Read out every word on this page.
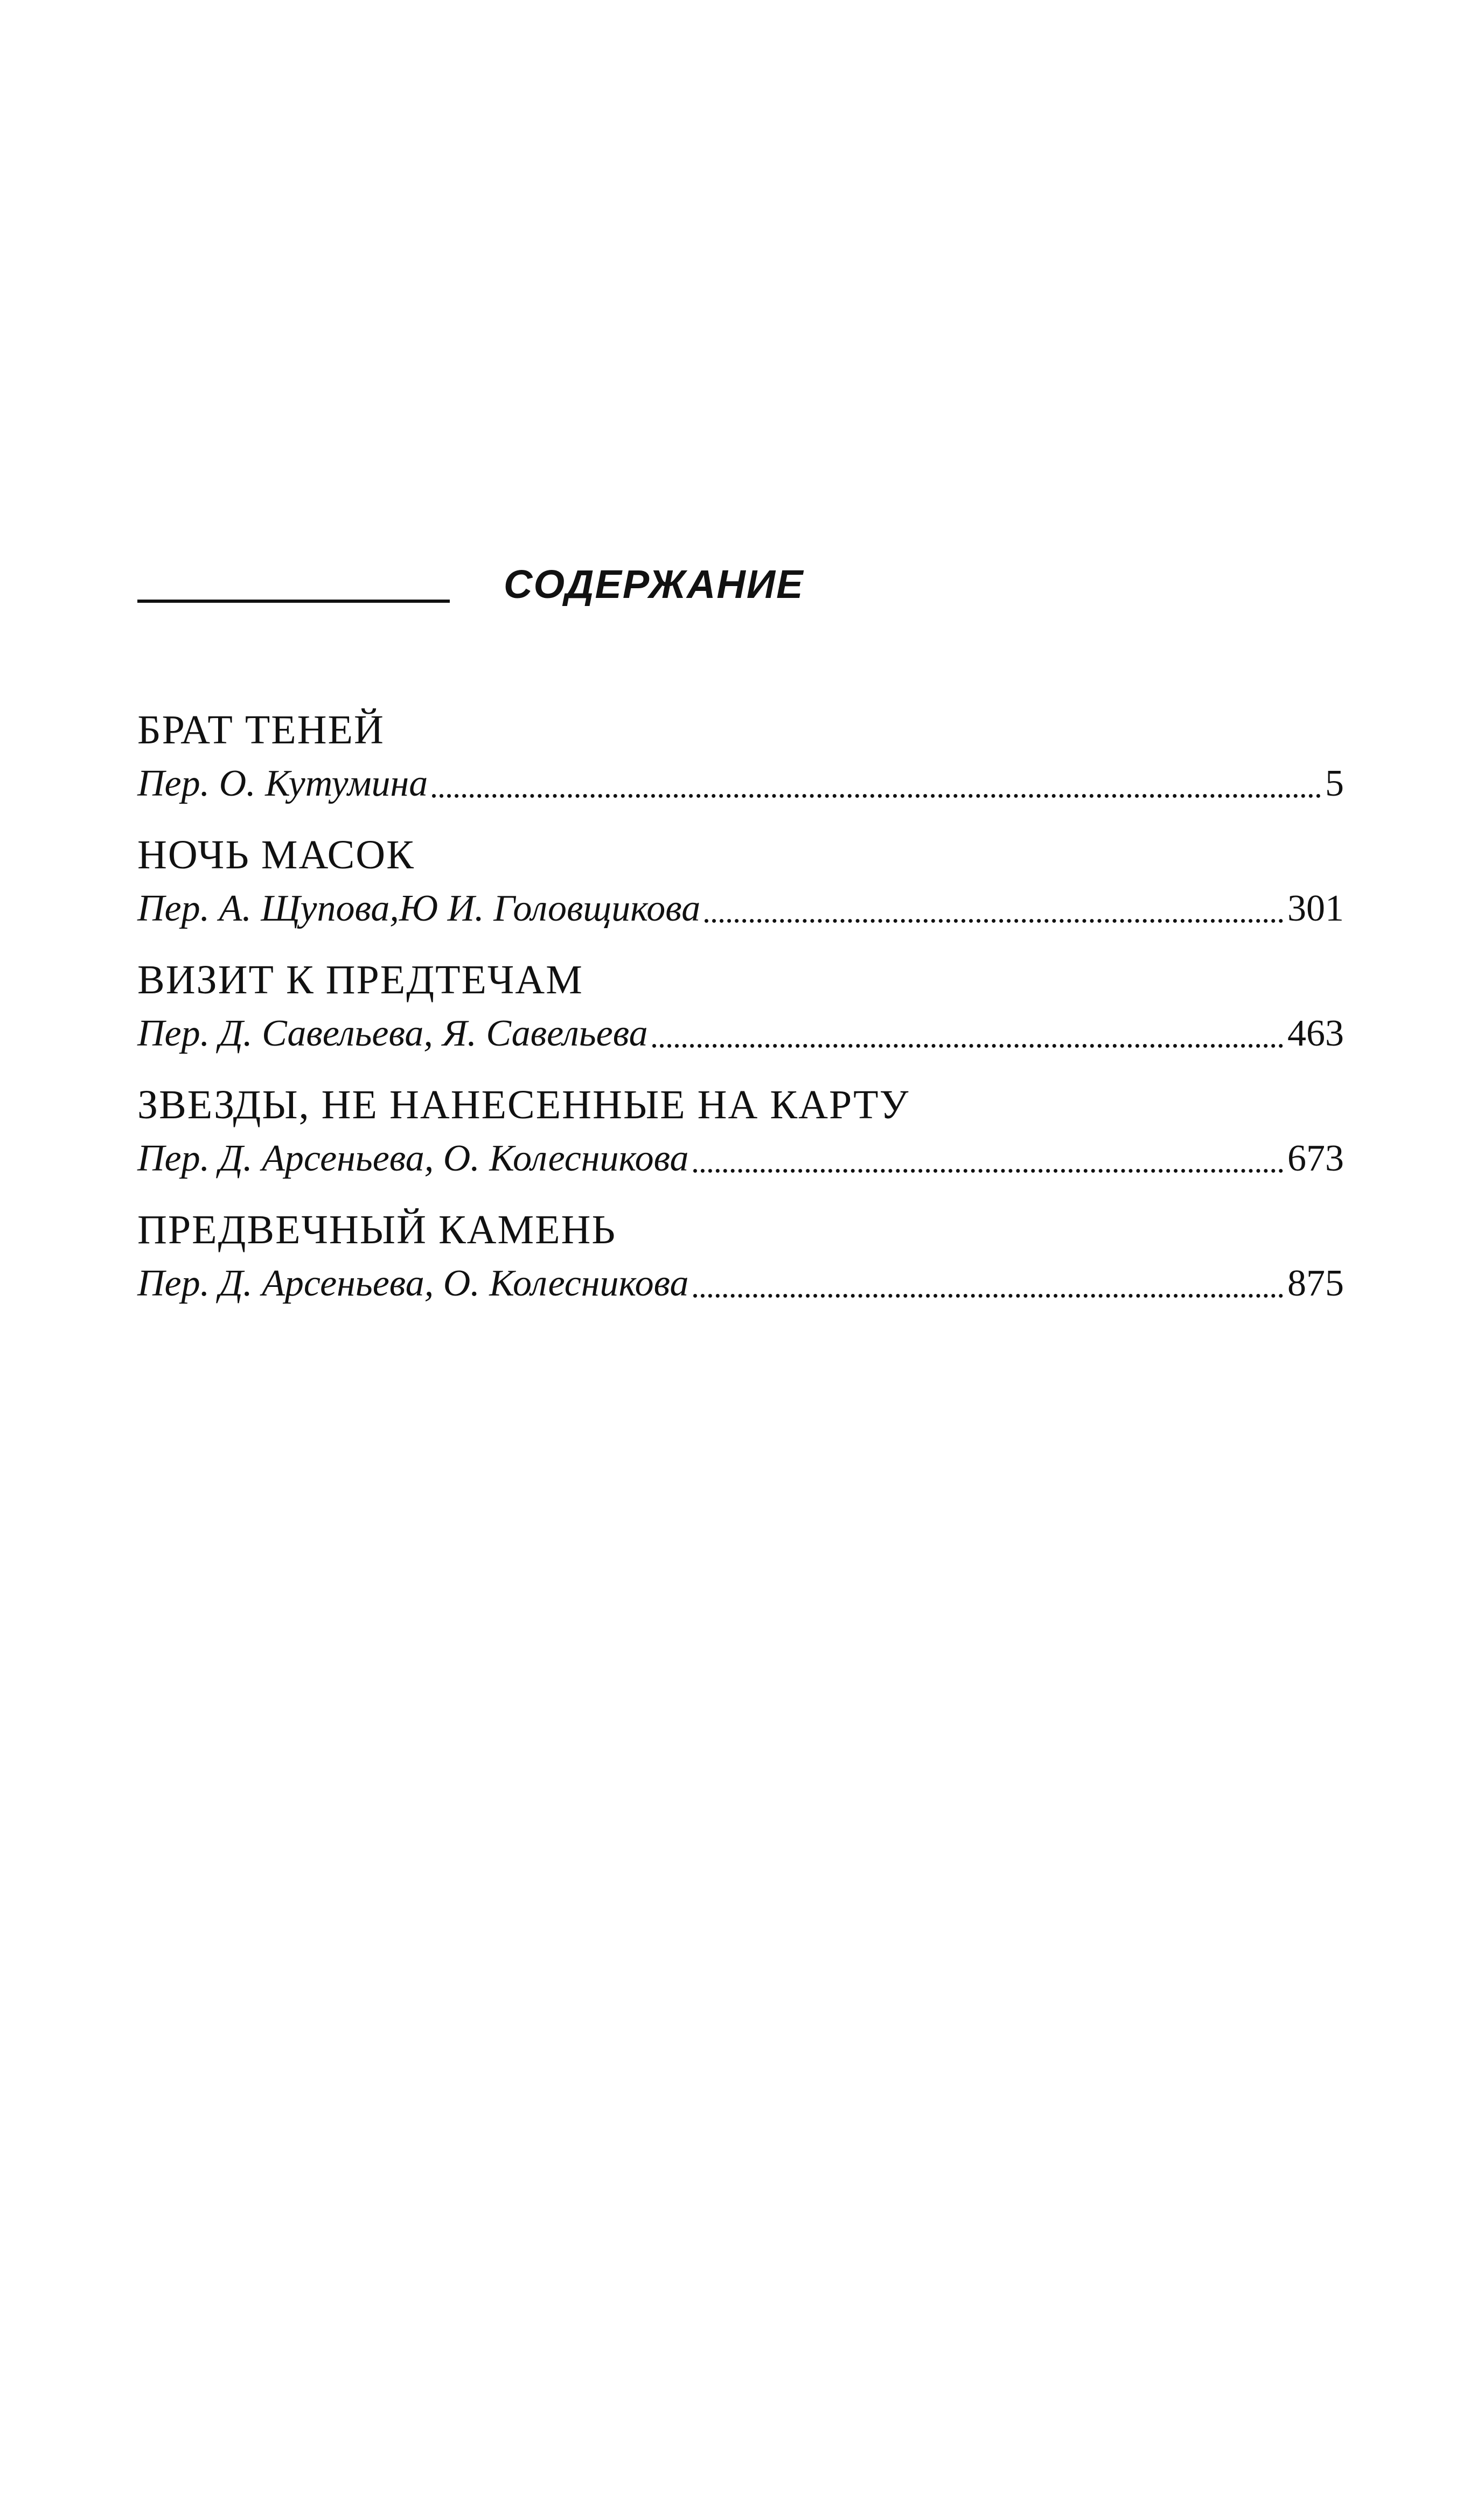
СОДЕРЖАНИЕ
БРАТ ТЕНЕЙ
Пер. О. Кутумина	5
НОЧЬ МАСОК
Пер. А. Щупова,Ю И. Головщикова	301
ВИЗИТ К ПРЕДТЕЧАМ
Пер. Д. Савельева, Я. Савельева	463
ЗВЕЗДЫ, НЕ НАНЕСЕННЫЕ НА КАРТУ
Пер. Д. Арсеньева, О. Колесникова	673
ПРЕДВЕЧНЫЙ КАМЕНЬ
Пер. Д. Арсеньева, О. Колесникова	875
